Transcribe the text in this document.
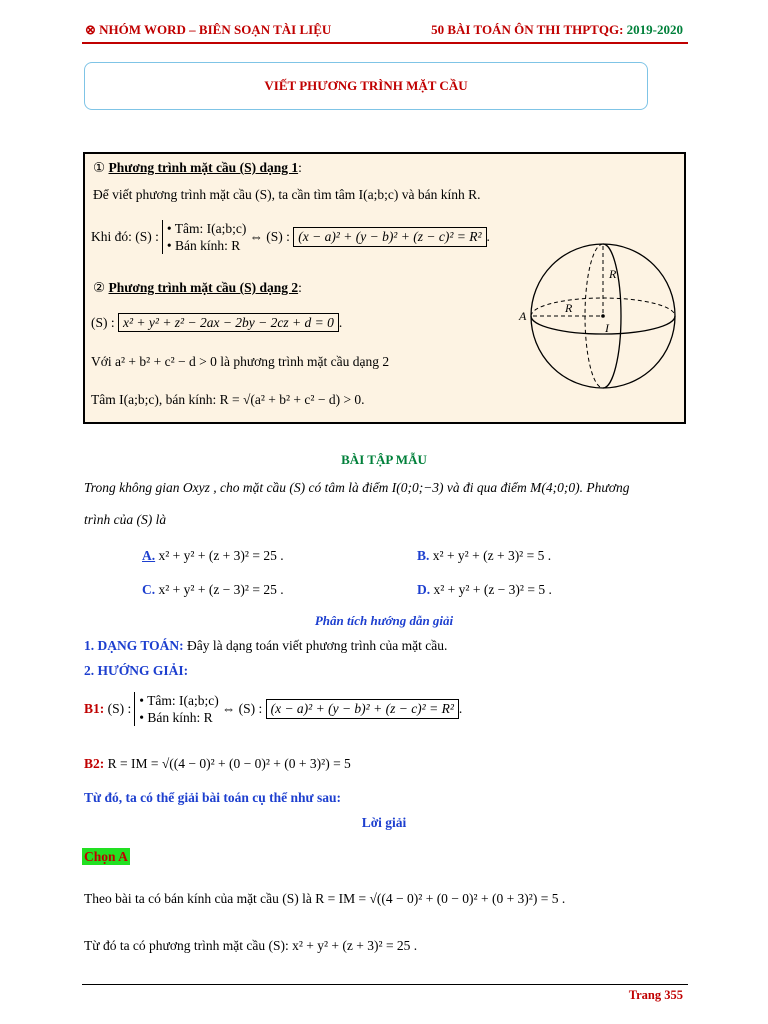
⊗ NHÓM WORD – BIÊN SOẠN TÀI LIỆU	50 BÀI TOÁN ÔN THI THPTQG: 2019-2020
VIẾT PHƯƠNG TRÌNH MẶT CẦU
① Phương trình mặt cầu (S) dạng 1:
Để viết phương trình mặt cầu (S), ta cần tìm tâm I(a;b;c) và bán kính R.
Khi đó: (S) :
• Tâm: I(a;b;c)
• Bán kính: R
⇔ (S) :
(x − a)² + (y − b)² + (z − c)² = R² .
② Phương trình mặt cầu (S) dạng 2:
(S) : x² + y² + z² − 2ax − 2by − 2cz + d = 0 .
Với a² + b² + c² − d > 0 là phương trình mặt cầu dạng 2
Tâm I(a;b;c), bán kính: R = √(a² + b² + c² − d) > 0.
R
R
A
I
BÀI TẬP MẪU
Trong không gian Oxyz , cho mặt cầu (S) có tâm là điểm I(0;0;−3) và đi qua điểm M(4;0;0). Phương
trình của (S) là
A. x² + y² + (z + 3)² = 25 .	B. x² + y² + (z + 3)² = 5 .
C. x² + y² + (z − 3)² = 25 .	D. x² + y² + (z − 3)² = 5 .
Phân tích hướng dẫn giải
1. DẠNG TOÁN: Đây là dạng toán viết phương trình của mặt cầu.
2. HƯỚNG GIẢI:
B1:
(S) :
• Tâm: I(a;b;c)
• Bán kính: R
⇔ (S) :
(x − a)² + (y − b)² + (z − c)² = R² .
B2: R = IM = √((4 − 0)² + (0 − 0)² + (0 + 3)²) = 5
Từ đó, ta có thể giải bài toán cụ thể như sau:
Lời giải
Chọn A
Theo bài ta có bán kính của mặt cầu (S) là R = IM = √((4 − 0)² + (0 − 0)² + (0 + 3)²) = 5 .
Từ đó ta có phương trình mặt cầu (S): x² + y² + (z + 3)² = 25 .
Trang 355
